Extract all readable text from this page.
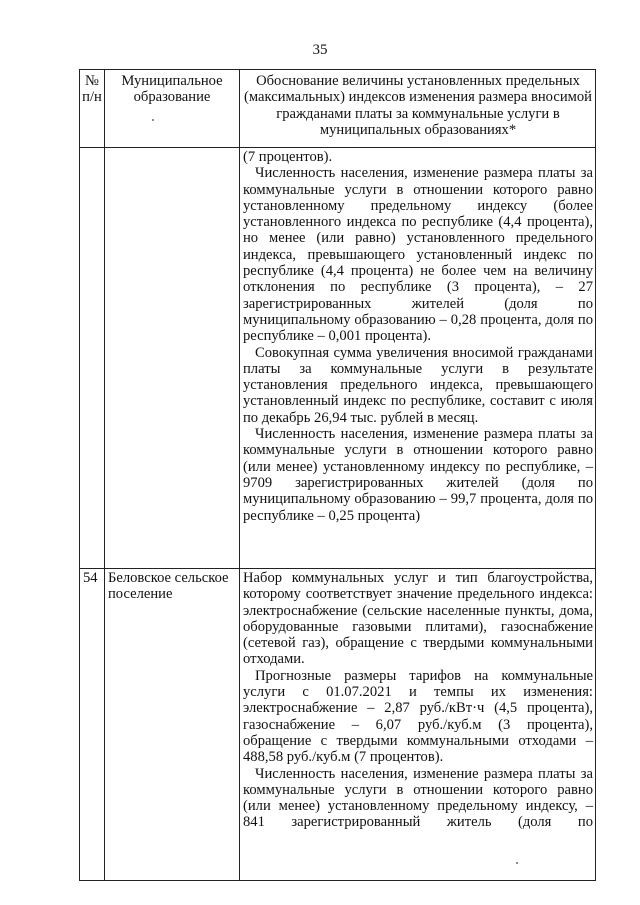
35
№ п/н
Муниципальное образование
Обоснование величины установленных предельных (максимальных) индексов изменения размера вносимой гражданами платы за коммунальные услуги в муниципальных образованиях*
(7 процентов).
Численность населения, изменение размера платы за коммунальные услуги в отношении которого равно установленному предельному индексу (более установленного индекса по республике (4,4 процента), но менее (или равно) установленного предельного индекса, превышающего установленный индекс по республике (4,4 процента) не более чем на величину отклонения по республике (3 процента), – 27 зарегистрированных жителей (доля по муниципальному образованию – 0,28 процента, доля по республике – 0,001 процента).
Совокупная сумма увеличения вносимой гражданами платы за коммунальные услуги в результате установления предельного индекса, превышающего установленный индекс по республике, составит с июля по декабрь 26,94 тыс. рублей в месяц.
Численность населения, изменение размера платы за коммунальные услуги в отношении которого равно (или менее) установленному индексу по республике, – 9709 зарегистрированных жителей (доля по муниципальному образованию – 99,7 процента, доля по республике – 0,25 процента)
54 Беловское сельское поселение
Набор коммунальных услуг и тип благоустройства, которому соответствует значение предельного индекса: электроснабжение (сельские населенные пункты, дома, оборудованные газовыми плитами), газоснабжение (сетевой газ), обращение с твердыми коммунальными отходами.
Прогнозные размеры тарифов на коммунальные услуги с 01.07.2021 и темпы их изменения: электроснабжение – 2,87 руб./кВт·ч (4,5 процента), газоснабжение – 6,07 руб./куб.м (3 процента), обращение с твердыми коммунальными отходами – 488,58 руб./куб.м (7 процентов).
Численность населения, изменение размера платы за коммунальные услуги в отношении которого равно (или менее) установленному предельному индексу, – 841 зарегистрированный житель (доля по
